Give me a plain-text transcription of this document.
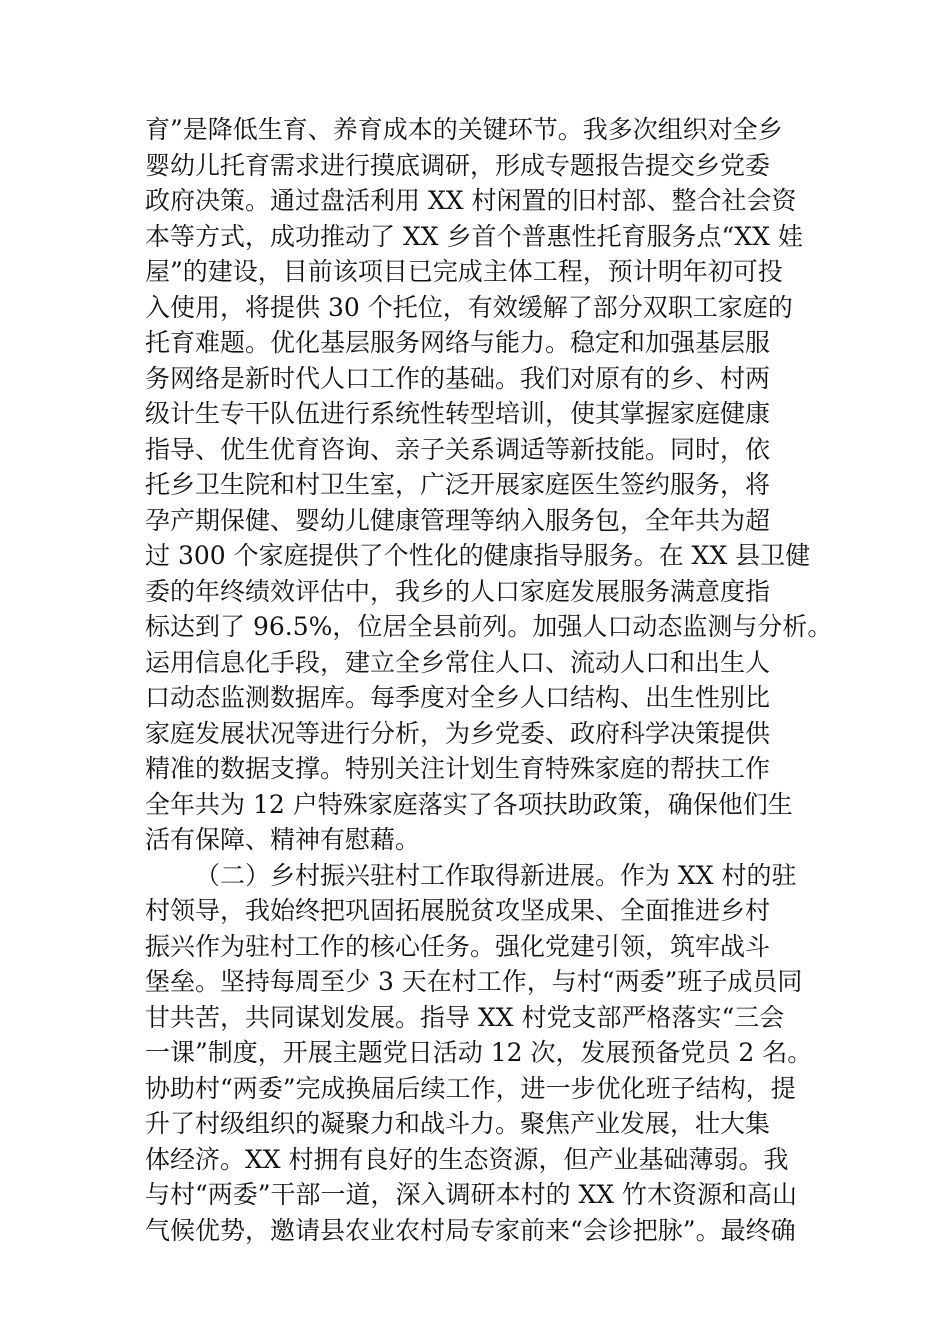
育”是降低生育、养育成本的关键环节。我多次组织对全乡
婴幼儿托育需求进行摸底调研，形成专题报告提交乡党委
政府决策。通过盘活利用 XX 村闲置的旧村部、整合社会资
本等方式，成功推动了 XX 乡首个普惠性托育服务点“XX 娃
屋”的建设，目前该项目已完成主体工程，预计明年初可投
入使用，将提供 30 个托位，有效缓解了部分双职工家庭的
托育难题。优化基层服务网络与能力。稳定和加强基层服
务网络是新时代人口工作的基础。我们对原有的乡、村两
级计生专干队伍进行系统性转型培训，使其掌握家庭健康
指导、优生优育咨询、亲子关系调适等新技能。同时，依
托乡卫生院和村卫生室，广泛开展家庭医生签约服务，将
孕产期保健、婴幼儿健康管理等纳入服务包，全年共为超
过 300 个家庭提供了个性化的健康指导服务。在 XX 县卫健
委的年终绩效评估中，我乡的人口家庭发展服务满意度指
标达到了 96.5%，位居全县前列。加强人口动态监测与分析。
运用信息化手段，建立全乡常住人口、流动人口和出生人
口动态监测数据库。每季度对全乡人口结构、出生性别比
家庭发展状况等进行分析，为乡党委、政府科学决策提供
精准的数据支撑。特别关注计划生育特殊家庭的帮扶工作
全年共为 12 户特殊家庭落实了各项扶助政策，确保他们生
活有保障、精神有慰藉。
（二）乡村振兴驻村工作取得新进展。作为 XX 村的驻
村领导，我始终把巩固拓展脱贫攻坚成果、全面推进乡村
振兴作为驻村工作的核心任务。强化党建引领，筑牢战斗
堡垒。坚持每周至少 3 天在村工作，与村“两委”班子成员同
甘共苦，共同谋划发展。指导 XX 村党支部严格落实“三会
一课”制度，开展主题党日活动 12 次，发展预备党员 2 名。
协助村“两委”完成换届后续工作，进一步优化班子结构，提
升了村级组织的凝聚力和战斗力。聚焦产业发展，壮大集
体经济。XX 村拥有良好的生态资源，但产业基础薄弱。我
与村“两委”干部一道，深入调研本村的 XX 竹木资源和高山
气候优势，邀请县农业农村局专家前来“会诊把脉”。最终确
